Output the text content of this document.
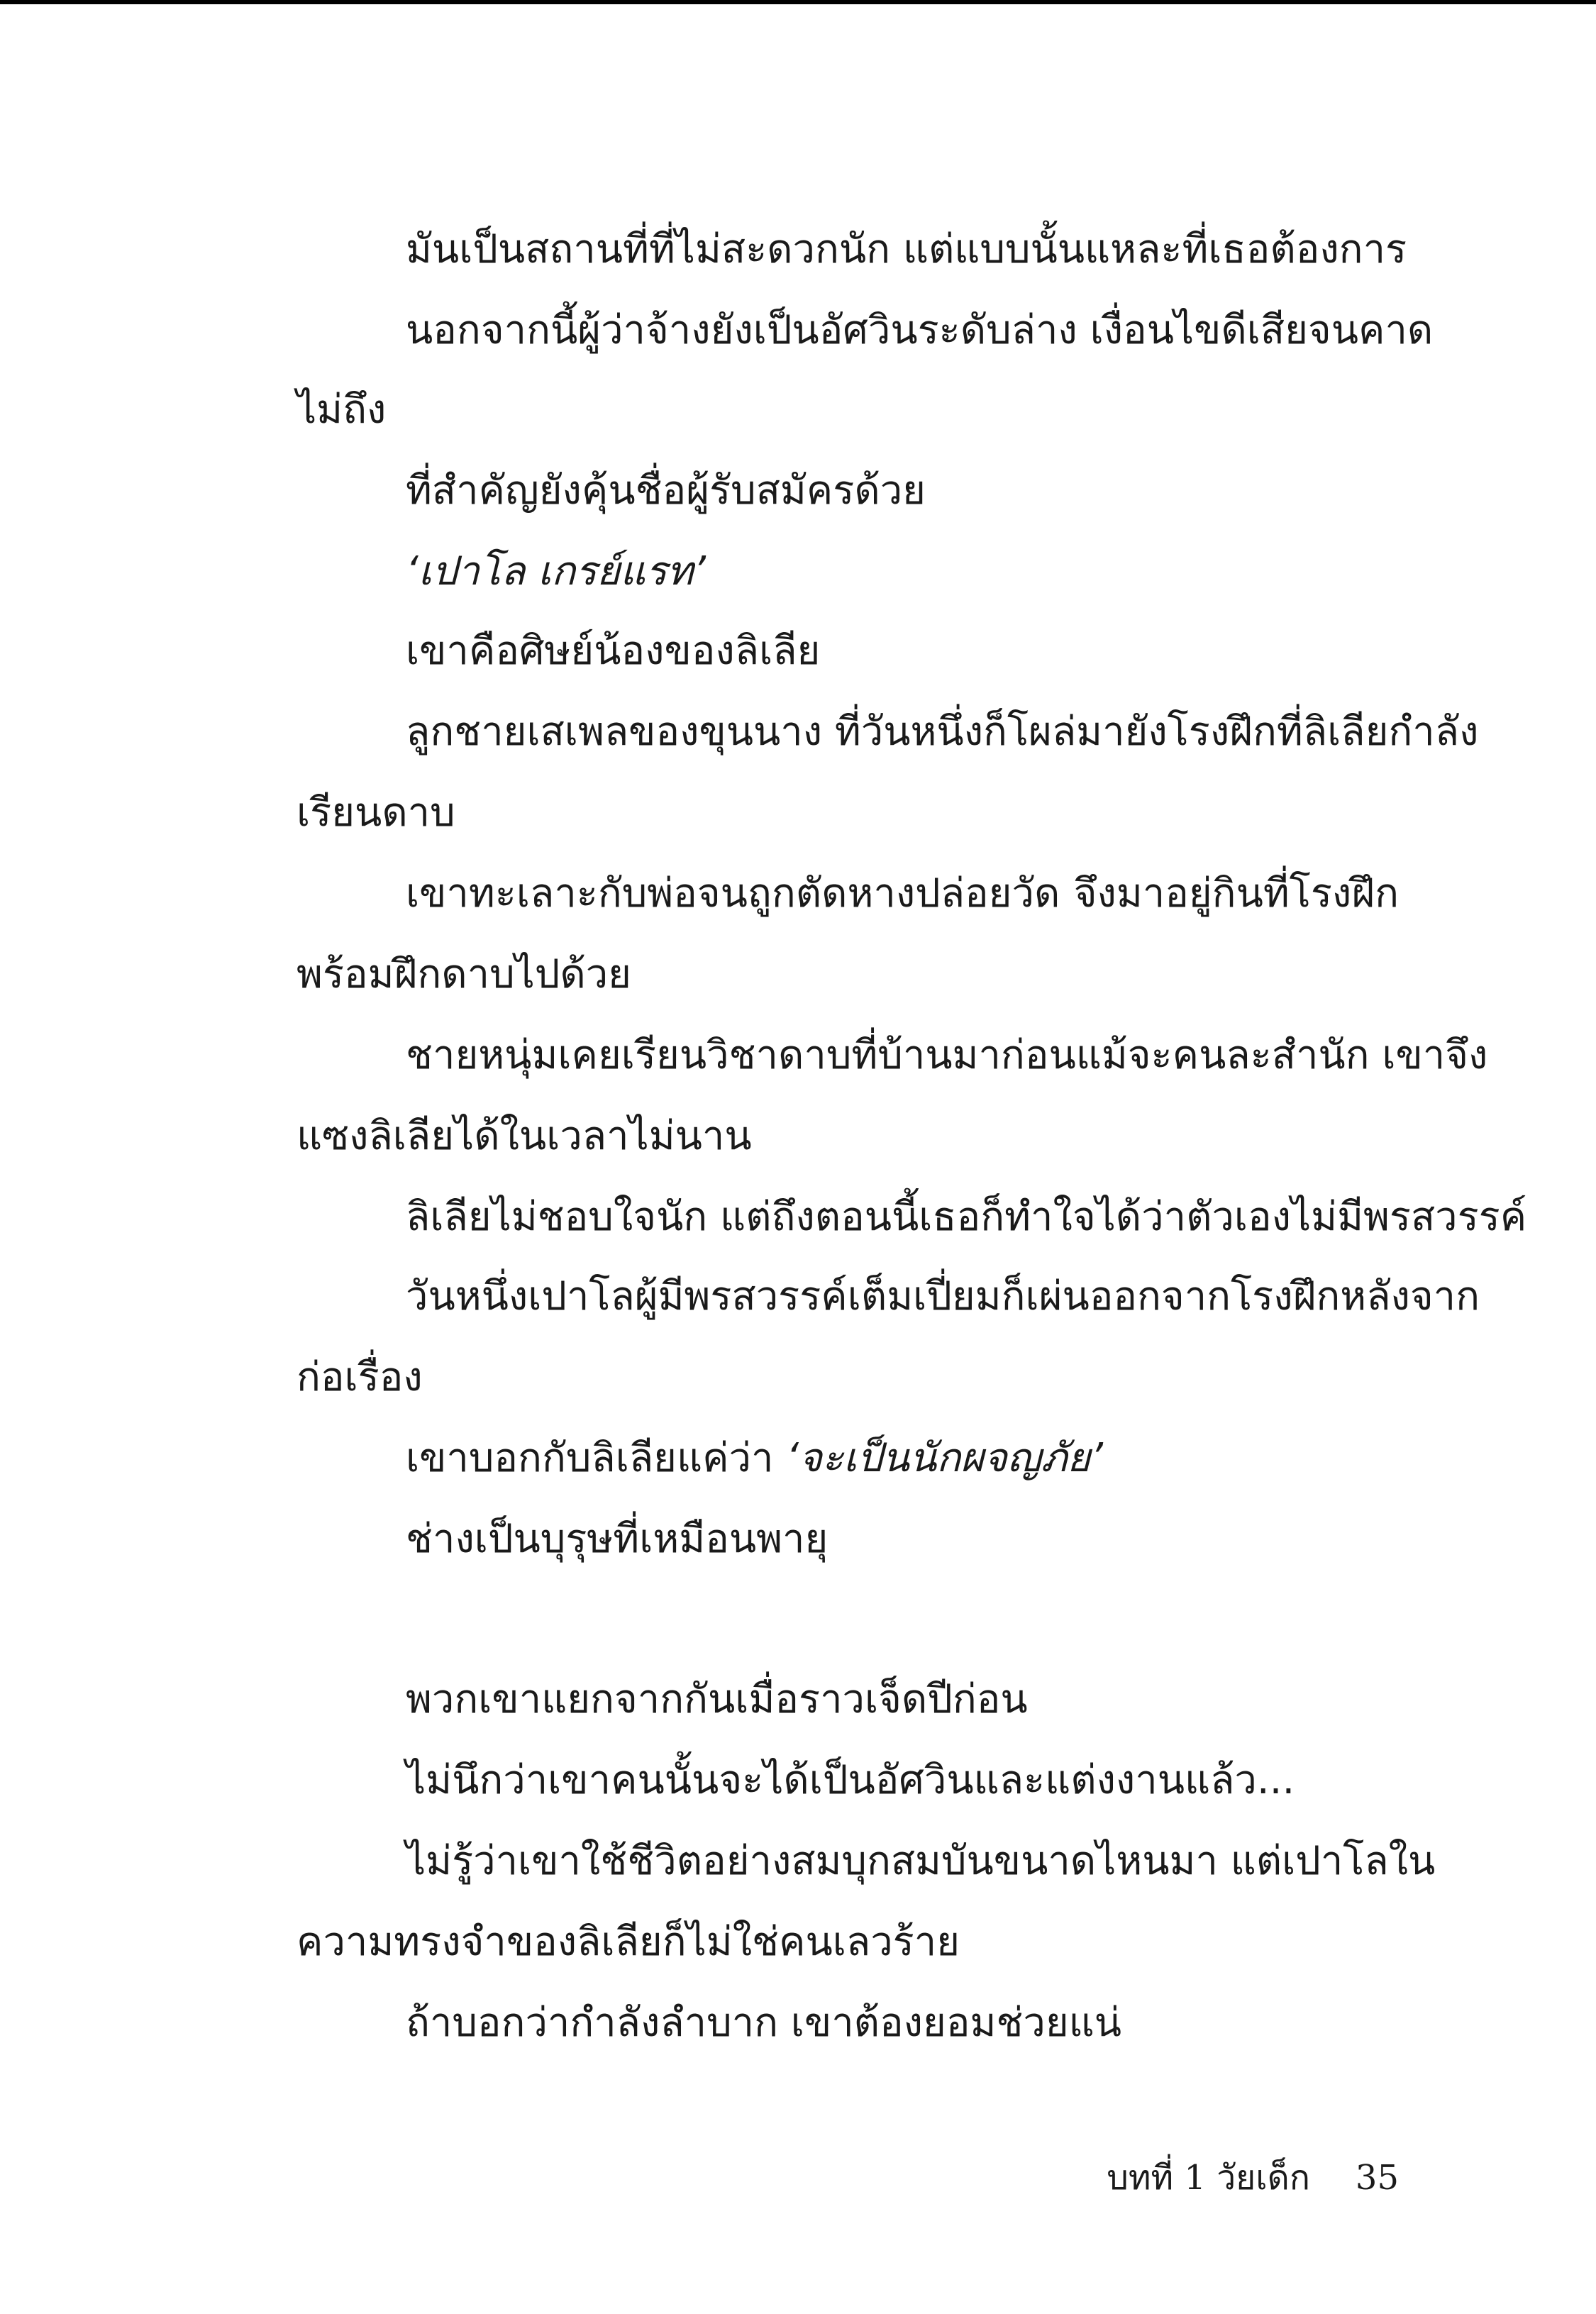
มันเป็นสถานที่ที่ไม่สะดวกนัก แต่แบบนั้นแหละที่เธอต้องการ
นอกจากนี้ผู้ว่าจ้างยังเป็นอัศวินระดับล่าง เงื่อนไขดีเสียจนคาด
ไม่ถึง
ที่สำคัญยังคุ้นชื่อผู้รับสมัครด้วย
‘เปาโล เกรย์แรท’
เขาคือศิษย์น้องของลิเลีย
ลูกชายเสเพลของขุนนาง ที่วันหนึ่งก็โผล่มายังโรงฝึกที่ลิเลียกำลัง
เรียนดาบ
เขาทะเลาะกับพ่อจนถูกตัดหางปล่อยวัด จึงมาอยู่กินที่โรงฝึก
พร้อมฝึกดาบไปด้วย
ชายหนุ่มเคยเรียนวิชาดาบที่บ้านมาก่อนแม้จะคนละสำนัก เขาจึง
แซงลิเลียได้ในเวลาไม่นาน
ลิเลียไม่ชอบใจนัก แต่ถึงตอนนี้เธอก็ทำใจได้ว่าตัวเองไม่มีพรสวรรค์
วันหนึ่งเปาโลผู้มีพรสวรรค์เต็มเปี่ยมก็เผ่นออกจากโรงฝึกหลังจาก
ก่อเรื่อง
เขาบอกกับลิเลียแค่ว่า ‘จะเป็นนักผจญภัย’
ช่างเป็นบุรุษที่เหมือนพายุ
พวกเขาแยกจากกันเมื่อราวเจ็ดปีก่อน
ไม่นึกว่าเขาคนนั้นจะได้เป็นอัศวินและแต่งงานแล้ว...
ไม่รู้ว่าเขาใช้ชีวิตอย่างสมบุกสมบันขนาดไหนมา แต่เปาโลใน
ความทรงจำของลิเลียก็ไม่ใช่คนเลวร้าย
ถ้าบอกว่ากำลังลำบาก เขาต้องยอมช่วยแน่
บทที่ 1 วัยเด็ก 35
